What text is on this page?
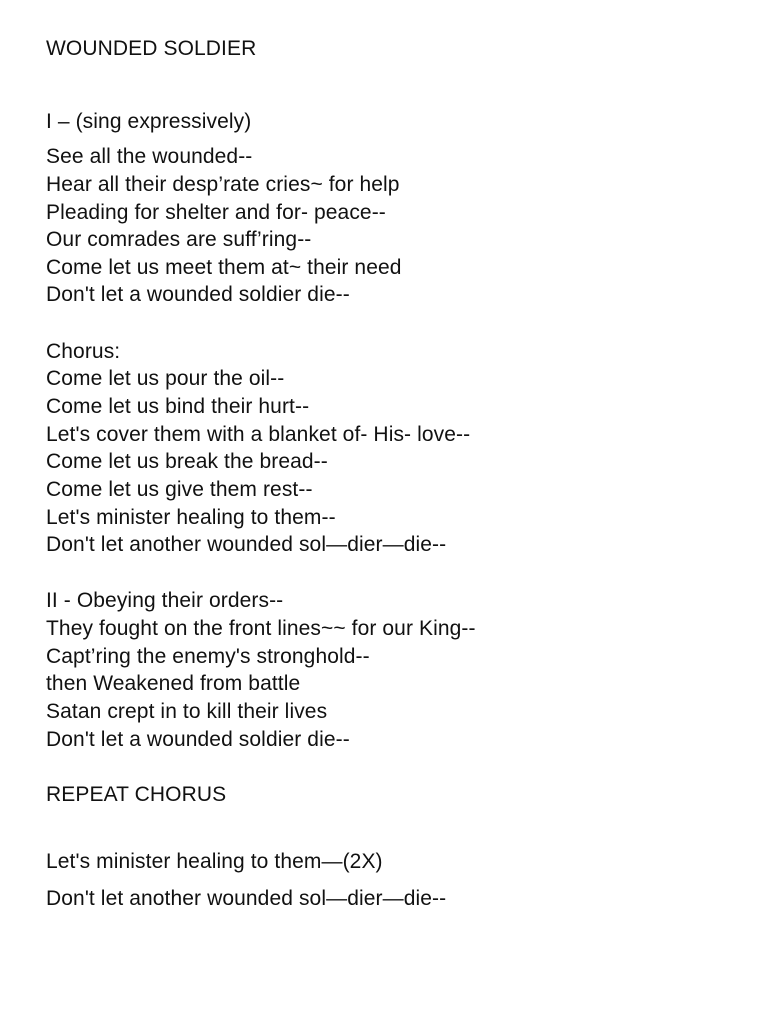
WOUNDED SOLDIER
I – (sing expressively)
See all the wounded--
Hear all their desp’rate cries~ for help
Pleading for shelter and for- peace--
Our comrades are suff’ring--
Come let us meet them at~ their need
Don't let a wounded soldier die--
Chorus:
Come let us pour the oil--
Come let us bind their hurt--
Let's cover them with a blanket of- His- love--
Come let us break the bread--
Come let us give them rest--
Let's minister healing to them--
Don't let another wounded sol—dier—die--
II - Obeying their orders--
They fought on the front lines~~ for our King--
Capt’ring the enemy's stronghold--
then Weakened from battle
Satan crept in to kill their lives
Don't let a wounded soldier die--
REPEAT CHORUS
Let's minister healing to them—(2X)
Don't let another wounded sol—dier—die--
